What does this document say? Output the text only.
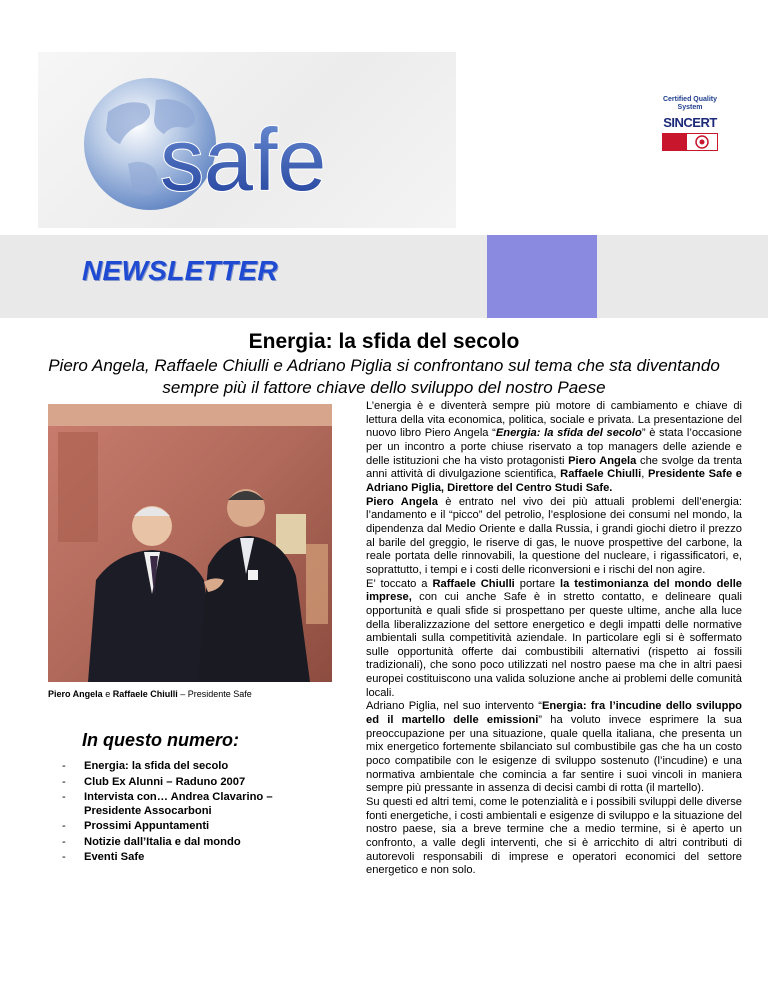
safe
Certified Quality System
SINCERT
NEWSLETTER
Energia: la sfida del secolo
Piero Angela, Raffaele Chiulli e Adriano Piglia si confrontano sul tema che sta diventando sempre più il fattore chiave dello sviluppo del nostro Paese
Piero Angela e Raffaele Chiulli – Presidente Safe
In questo numero:
- Energia: la sfida del secolo
- Club Ex Alunni – Raduno 2007
- Intervista con… Andrea Clavarino – Presidente Assocarboni
- Prossimi Appuntamenti
- Notizie dall’Italia e dal mondo
- Eventi Safe

L’energia è e diventerà sempre più motore di cambiamento e chiave di lettura della vita economica, politica, sociale e privata. La presentazione del nuovo libro Piero Angela “Energia: la sfida del secolo” è stata l’occasione per un incontro a porte chiuse riservato a top managers delle aziende e delle istituzioni che ha visto protagonisti Piero Angela che svolge da trenta anni attività di divulgazione scientifica, Raffaele Chiulli, Presidente Safe e Adriano Piglia, Direttore del Centro Studi Safe.

Piero Angela è entrato nel vivo dei più attuali problemi dell’energia: l’andamento e il “picco” del petrolio, l’esplosione dei consumi nel mondo, la dipendenza dal Medio Oriente e dalla Russia, i grandi giochi dietro il prezzo al barile del greggio, le riserve di gas, le nuove prospettive del carbone, la reale portata delle rinnovabili, la questione del nucleare, i rigassificatori, e, soprattutto, i tempi e i costi delle riconversioni e i rischi del non agire.

E’ toccato a Raffaele Chiulli portare la testimonianza del mondo delle imprese, con cui anche Safe è in stretto contatto, e delineare quali opportunità e quali sfide si prospettano per queste ultime, anche alla luce della liberalizzazione del settore energetico e degli impatti delle normative ambientali sulla competitività aziendale. In particolare egli si è soffermato sulle opportunità offerte dai combustibili alternativi (rispetto ai fossili tradizionali), che sono poco utilizzati nel nostro paese ma che in altri paesi europei costituiscono una valida soluzione anche ai problemi delle comunità locali.

Adriano Piglia, nel suo intervento “Energia: fra l’incudine dello sviluppo ed il martello delle emissioni” ha voluto invece esprimere la sua preoccupazione per una situazione, quale quella italiana, che presenta un mix energetico fortemente sbilanciato sul combustibile gas che ha un costo poco compatibile con le esigenze di sviluppo sostenuto (l’incudine) e una normativa ambientale che comincia a far sentire i suoi vincoli in maniera sempre più pressante in assenza di decisi cambi di rotta (il martello).

Su questi ed altri temi, come le potenzialità e i possibili sviluppi delle diverse fonti energetiche, i costi ambientali e esigenze di sviluppo e la situazione del nostro paese, sia a breve termine che a medio termine, si è aperto un confronto, a valle degli interventi, che si è arricchito di altri contributi di autorevoli responsabili di imprese e operatori economici del settore energetico e non solo.
